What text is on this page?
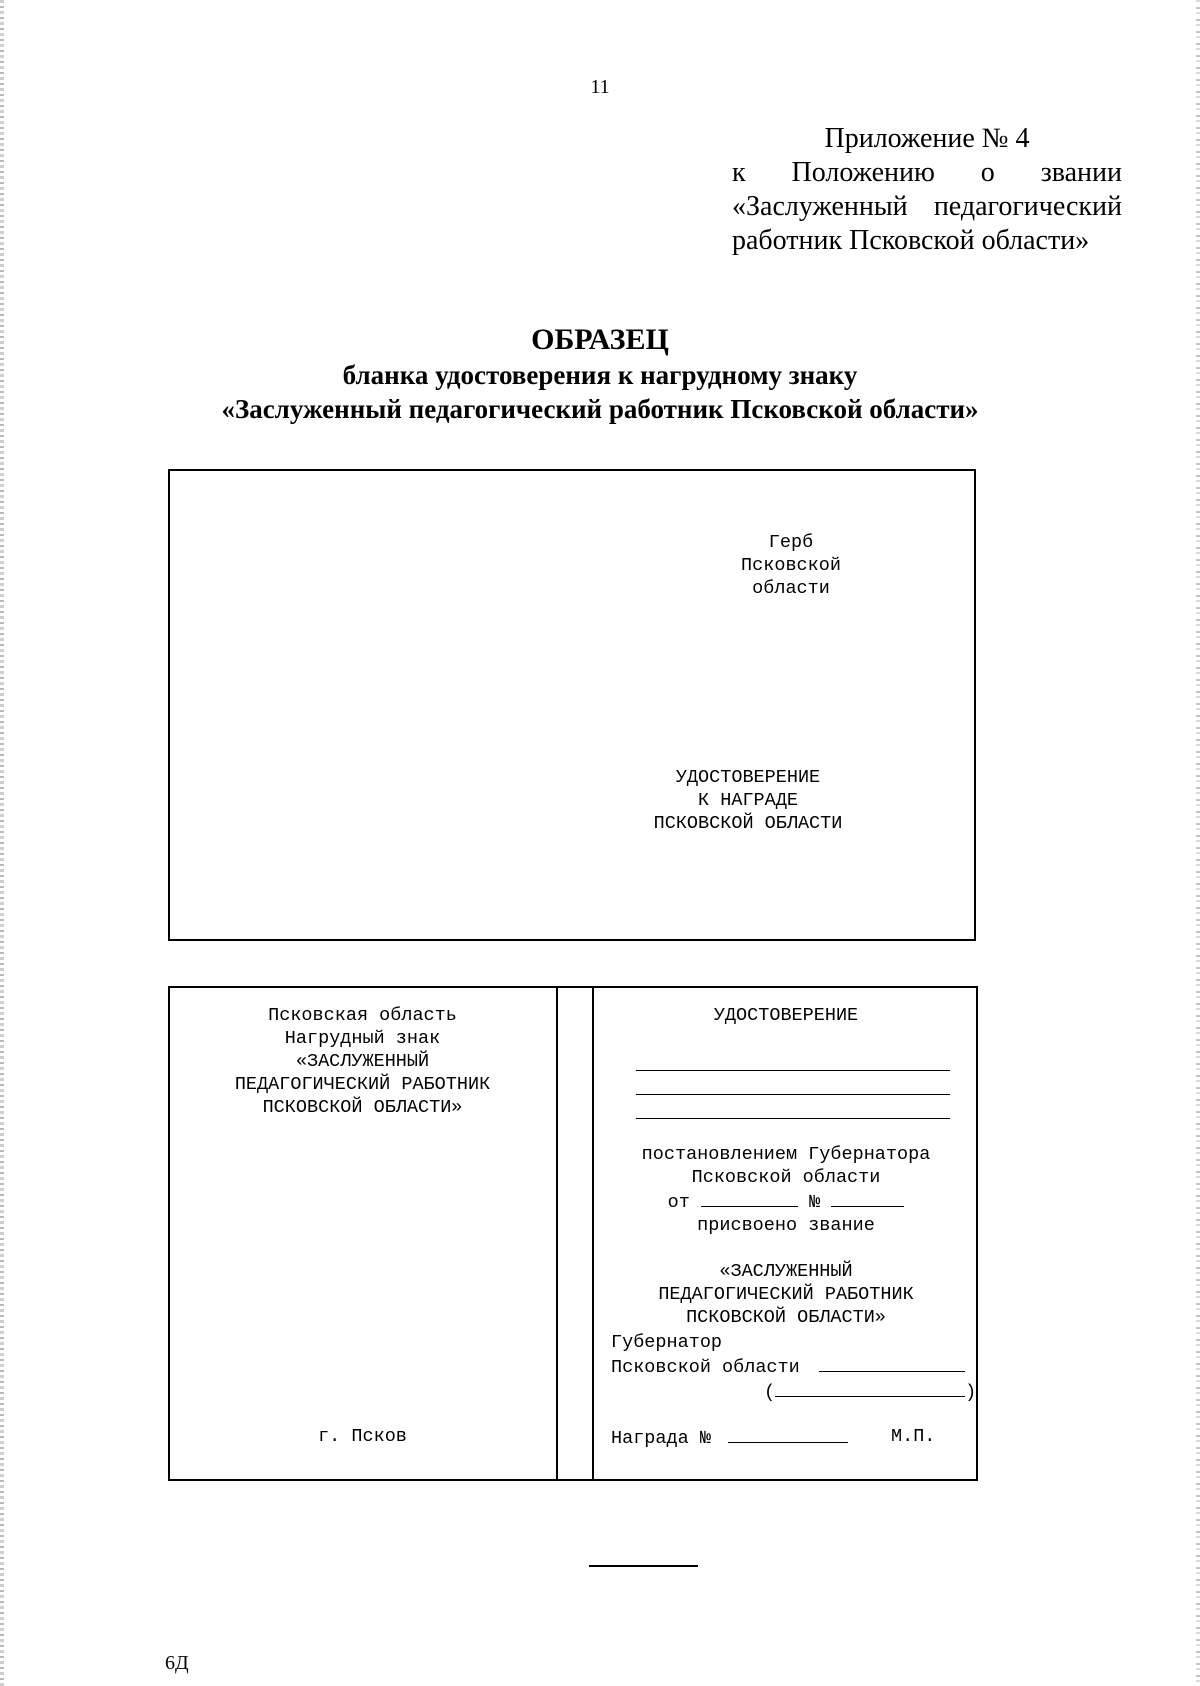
11
Приложение № 4
к Положению о звании
«Заслуженный педагогический
работник Псковской области»
ОБРАЗЕЦ
бланка удостоверения к нагрудному знаку
«Заслуженный педагогический работник Псковской области»
Герб
Псковской
области
УДОСТОВЕРЕНИЕ
К НАГРАДЕ
ПСКОВСКОЙ ОБЛАСТИ
Псковская область
Нагрудный знак
«ЗАСЛУЖЕННЫЙ
ПЕДАГОГИЧЕСКИЙ РАБОТНИК
ПСКОВСКОЙ ОБЛАСТИ»
г. Псков
УДОСТОВЕРЕНИЕ
постановлением Губернатора
Псковской области
от	№
присвоено звание
«ЗАСЛУЖЕННЫЙ
ПЕДАГОГИЧЕСКИЙ РАБОТНИК
ПСКОВСКОЙ ОБЛАСТИ»
Губернатор
Псковской области
(	)
Награда №	М.П.
6Д
